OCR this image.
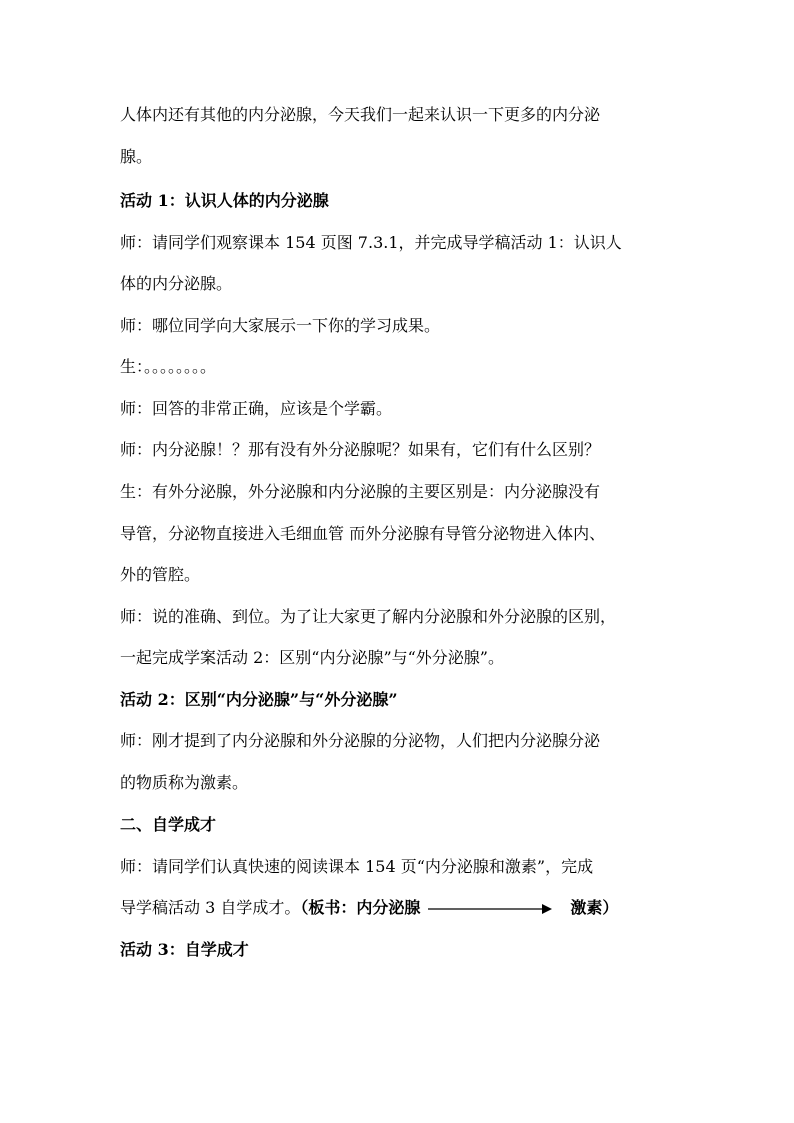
人体内还有其他的内分泌腺，今天我们一起来认识一下更多的内分泌
腺。
活动 1：认识人体的内分泌腺
师：请同学们观察课本 154 页图 7.3.1，并完成导学稿活动 1：认识人
体的内分泌腺。
师：哪位同学向大家展示一下你的学习成果。
生：。。。。。。。。
师：回答的非常正确，应该是个学霸。
师：内分泌腺！？那有没有外分泌腺呢？如果有，它们有什么区别？
生：有外分泌腺，外分泌腺和内分泌腺的主要区别是：内分泌腺没有
导管，分泌物直接进入毛细血管 而外分泌腺有导管分泌物进入体内、
外的管腔。
师：说的准确、到位。为了让大家更了解内分泌腺和外分泌腺的区别，
一起完成学案活动 2：区别“内分泌腺”与“外分泌腺”。
活动 2：区别“内分泌腺”与“外分泌腺”
师：刚才提到了内分泌腺和外分泌腺的分泌物，人们把内分泌腺分泌
的物质称为激素。
二、自学成才
师：请同学们认真快速的阅读课本 154 页“内分泌腺和激素”，完成
导学稿活动 3 自学成才。（板书：内分泌腺	激素）
活动 3：自学成才
